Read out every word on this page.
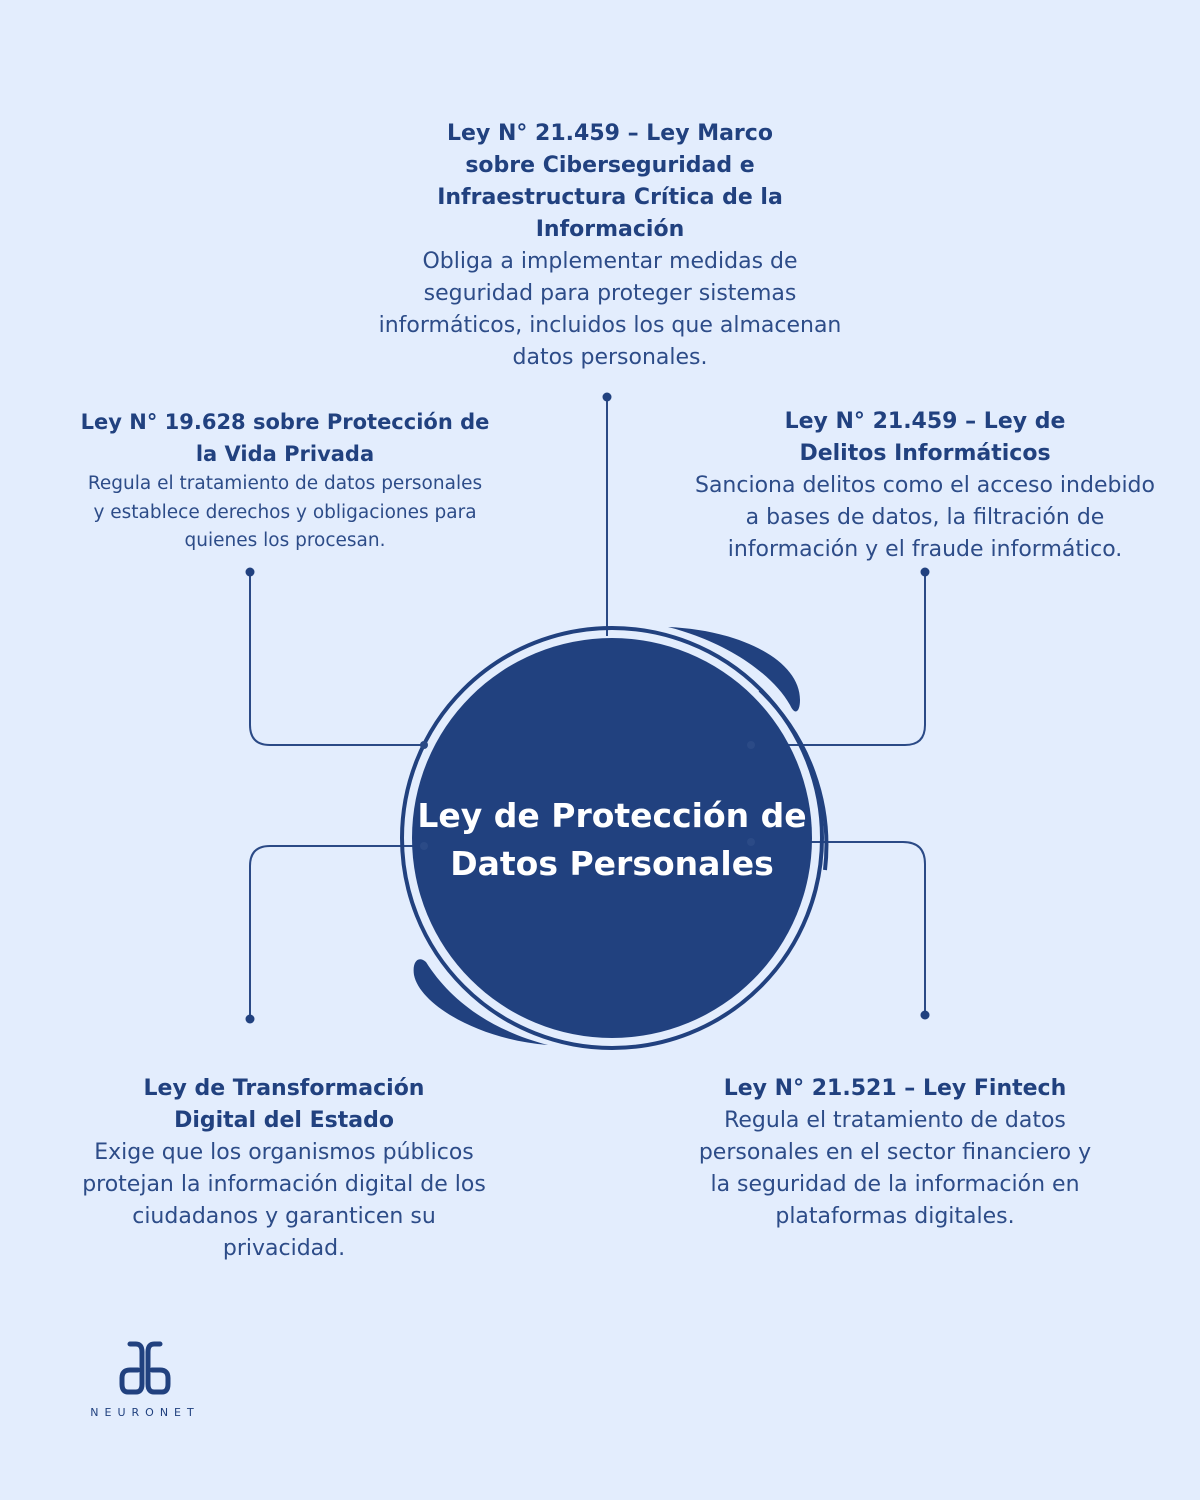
Ley de Protección de Datos Personales
Ley N° 21.459 – Ley Marco sobre Ciberseguridad e Infraestructura Crítica de la Información
Obliga a implementar medidas de seguridad para proteger sistemas informáticos, incluidos los que almacenan datos personales.
Ley N° 19.628 sobre Protección de la Vida Privada
Regula el tratamiento de datos personales y establece derechos y obligaciones para quienes los procesan.
Ley N° 21.459 – Ley de Delitos Informáticos
Sanciona delitos como el acceso indebido a bases de datos, la filtración de información y el fraude informático.
Ley de Transformación Digital del Estado
Exige que los organismos públicos protejan la información digital de los ciudadanos y garanticen su privacidad.
Ley N° 21.521 – Ley Fintech
Regula el tratamiento de datos personales en el sector financiero y la seguridad de la información en plataformas digitales.
NEURONET
